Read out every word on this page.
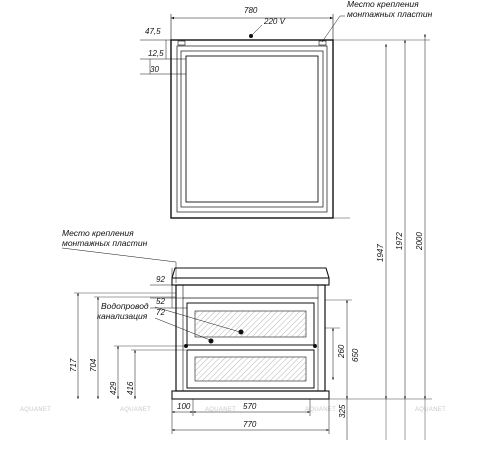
AQUANET	AQUANET	AQUANET	AQUANET	AQUANET
780
220 V
47,5
12,5
30
Место крепления
монтажных пластин
92
52
72
Место крепления
монтажных пластин
Водопровод
канализация
717 704
429 416
260 650
325
100	570
770
1947
1972 2000
